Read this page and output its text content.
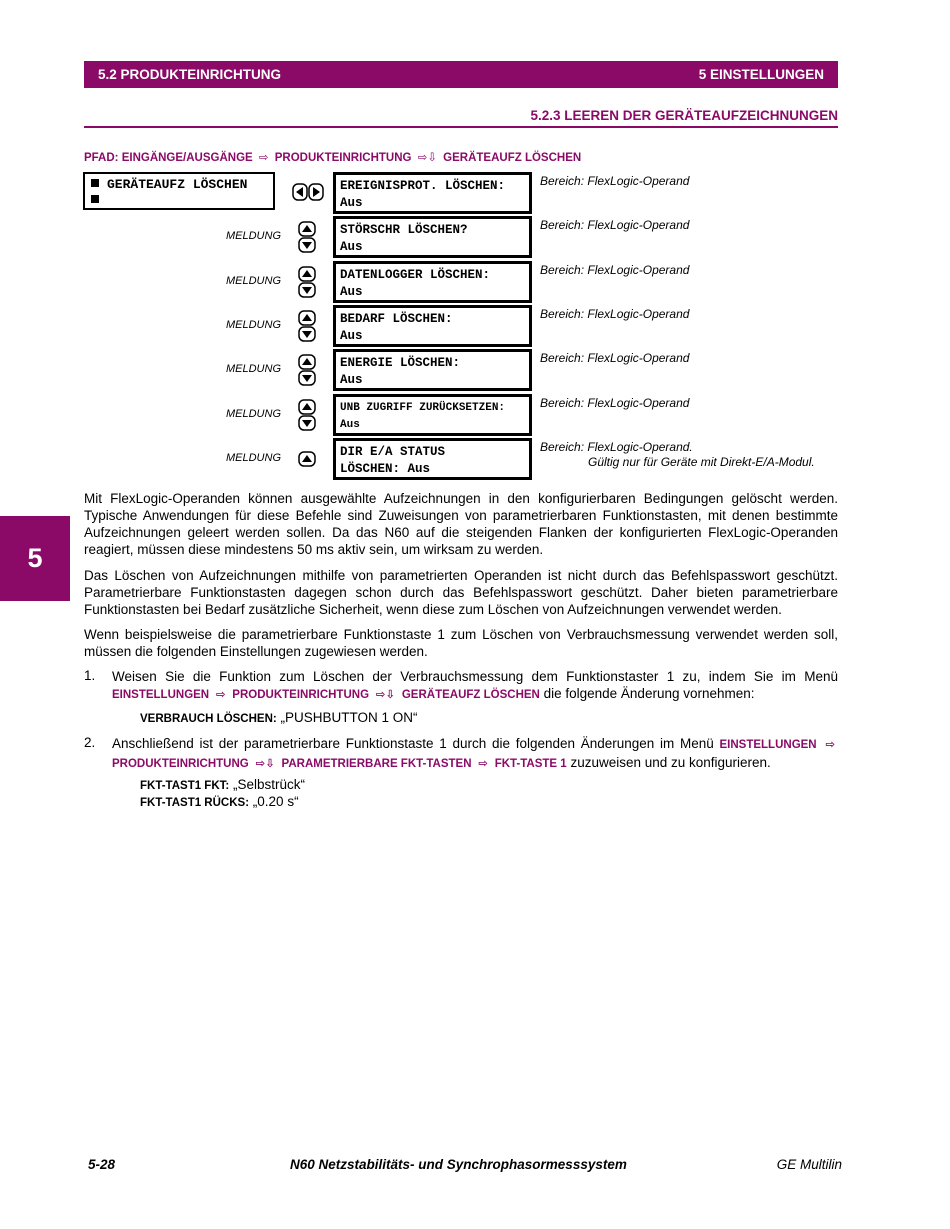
5.2 PRODUKTEINRICHTUNG	5 EINSTELLUNGEN
5.2.3 LEEREN DER GERÄTEAUFZEICHNUNGEN
PFAD: EINGÄNGE/AUSGÄNGE ⇨ PRODUKTEINRICHTUNG ⇨⇩ GERÄTEAUFZ LÖSCHEN
GERÄTEAUFZ LÖSCHEN	EREIGNISPROT. LÖSCHEN:
Aus
Bereich: FlexLogic-Operand
MELDUNG	STÖRSCHR LÖSCHEN?
Aus
Bereich: FlexLogic-Operand
MELDUNG	DATENLOGGER LÖSCHEN:
Aus
Bereich: FlexLogic-Operand
MELDUNG	BEDARF LÖSCHEN:
Aus
Bereich: FlexLogic-Operand
MELDUNG	ENERGIE LÖSCHEN:
Aus
Bereich: FlexLogic-Operand
MELDUNG	UNB ZUGRIFF ZURÜCKSETZEN:
Aus
Bereich: FlexLogic-Operand
MELDUNG	DIR E/A STATUS
LÖSCHEN: Aus
Bereich: FlexLogic-Operand.
Gültig nur für Geräte mit Direkt-E/A-Modul.
5

Mit FlexLogic-Operanden können ausgewählte Aufzeichnungen in den konfigurierbaren Bedingungen gelöscht werden. Typische Anwendungen für diese Befehle sind Zuweisungen von parametrierbaren Funktionstasten, mit denen bestimmte Aufzeichnungen geleert werden sollen. Da das N60 auf die steigenden Flanken der konfigurierten FlexLogic-Operanden reagiert, müssen diese mindestens 50 ms aktiv sein, um wirksam zu werden.

Das Löschen von Aufzeichnungen mithilfe von parametrierten Operanden ist nicht durch das Befehlspasswort geschützt. Parametrierbare Funktionstasten dagegen schon durch das Befehlspasswort geschützt. Daher bieten parametrierbare Funktionstasten bei Bedarf zusätzliche Sicherheit, wenn diese zum Löschen von Aufzeichnungen verwendet werden.

Wenn beispielsweise die parametrierbare Funktionstaste 1 zum Löschen von Verbrauchsmessung verwendet werden soll, müssen die folgenden Einstellungen zugewiesen werden.

1. Weisen Sie die Funktion zum Löschen der Verbrauchsmessung dem Funktionstaster 1 zu, indem Sie im Menü EINSTELLUNGEN ⇨ PRODUKTEINRICHTUNG ⇨⇩ GERÄTEAUFZ LÖSCHEN die folgende Änderung vornehmen:
VERBRAUCH LÖSCHEN: „PUSHBUTTON 1 ON“
2. Anschließend ist der parametrierbare Funktionstaste 1 durch die folgenden Änderungen im Menü EINSTELLUNGEN ⇨ PRODUKTEINRICHTUNG ⇨⇩ PARAMETRIERBARE FKT-TASTEN ⇨ FKT-TASTE 1 zuzuweisen und zu konfigurieren.
FKT-TAST1 FKT: „Selbstrück“
FKT-TAST1 RÜCKS: „0.20 s“
5-28	N60 Netzstabilitäts- und Synchrophasormesssystem	GE Multilin
